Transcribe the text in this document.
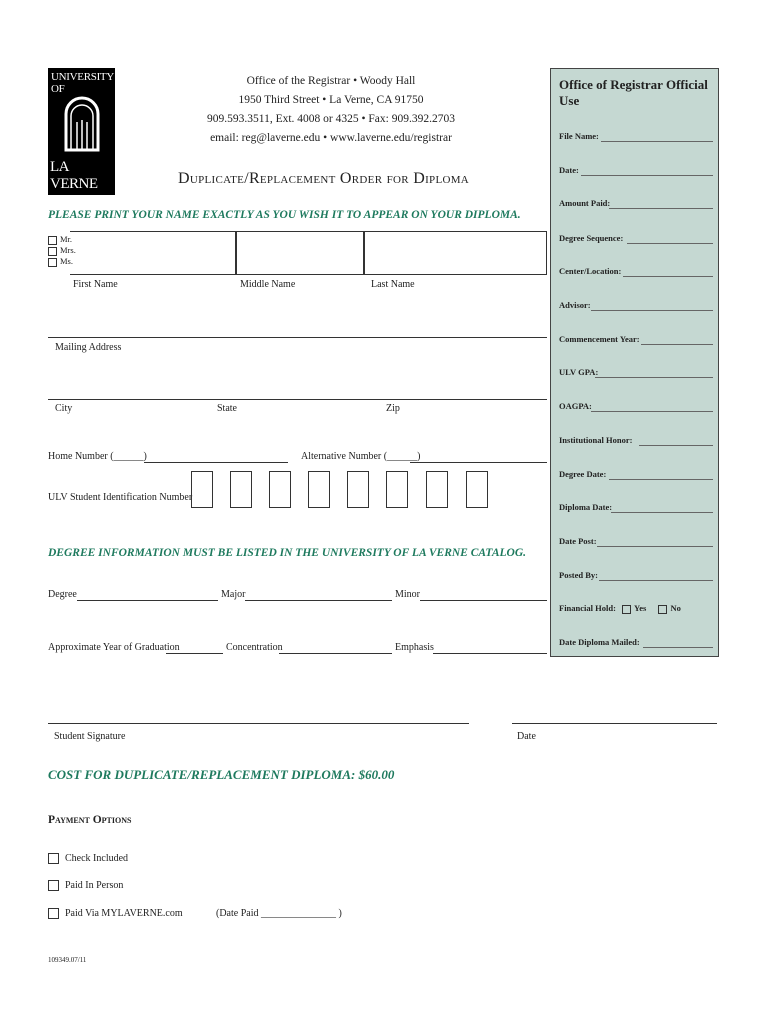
UNIVERSITY OF
LA VERNE
Office of the Registrar • Woody Hall
1950 Third Street • La Verne, CA 91750
909.593.3511, Ext. 4008 or 4325 • Fax: 909.392.2703
email: reg@laverne.edu • www.laverne.edu/registrar
Duplicate/Replacement Order for Diploma
PLEASE PRINT YOUR NAME EXACTLY AS YOU WISH IT TO APPEAR ON YOUR DIPLOMA.
Mr.
Mrs.
Ms.
First Name	Middle Name	Last Name
Mailing Address
City	State	Zip
Home Number (______)	Alternative Number (______)
ULV Student Identification Number
DEGREE INFORMATION MUST BE LISTED IN THE UNIVERSITY OF LA VERNE CATALOG.
Degree	Major	Minor
Approximate Year of Graduation	Concentration	Emphasis
Student Signature	Date
COST FOR DUPLICATE/REPLACEMENT DIPLOMA: $60.00
Payment Options
Check Included
Paid In Person
Paid Via MYLAVERNE.com	(Date Paid _______________ )
109349.07/11
Office of Registrar Official Use
File Name:
Date:
Amount Paid:
Degree Sequence:
Center/Location:
Advisor:
Commencement Year:
ULV GPA:
OAGPA:
Institutional Honor:
Degree Date:
Diploma Date:
Date Post:
Posted By:
Financial Hold: Yes	No
Date Diploma Mailed:
